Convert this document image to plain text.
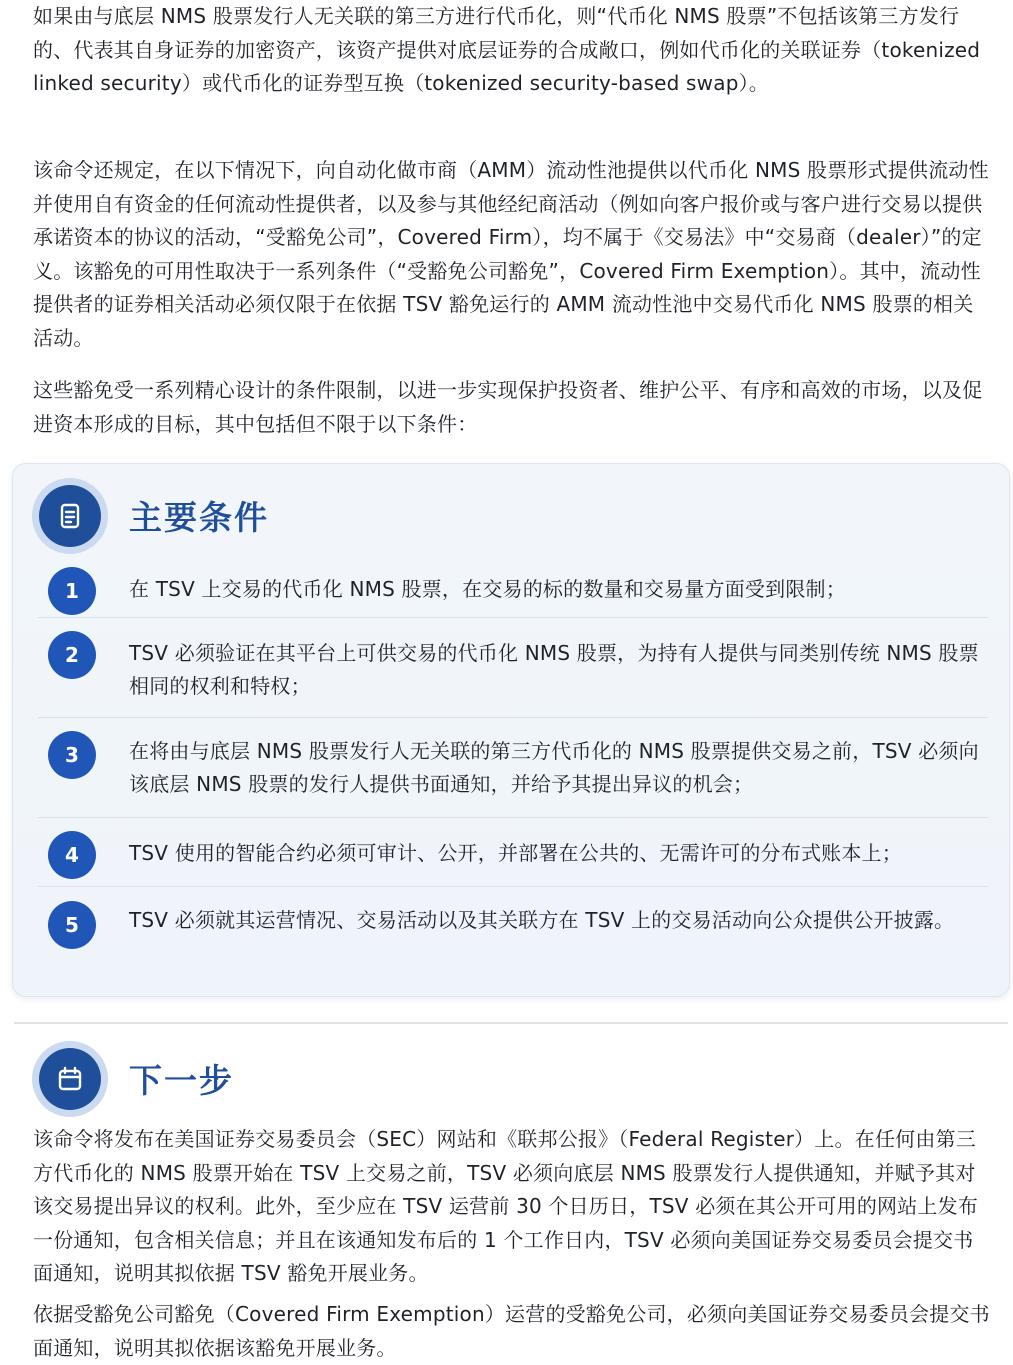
如果由与底层 NMS 股票发行人无关联的第三方进行代币化，则“代币化 NMS 股票”不包括该第三方发行的、代表其自身证券的加密资产，该资产提供对底层证券的合成敞口，例如代币化的关联证券（tokenized linked security）或代币化的证券型互换（tokenized security-based swap）。

该命令还规定，在以下情况下，向自动化做市商（AMM）流动性池提供以代币化 NMS 股票形式提供流动性并使用自有资金的任何流动性提供者，以及参与其他经纪商活动（例如向客户报价或与客户进行交易以提供承诺资本的协议的活动，“受豁免公司”，Covered Firm），均不属于《交易法》中“交易商（dealer）”的定义。该豁免的可用性取决于一系列条件（“受豁免公司豁免”，Covered Firm Exemption）。其中，流动性提供者的证券相关活动必须仅限于在依据 TSV 豁免运行的 AMM 流动性池中交易代币化 NMS 股票的相关活动。

这些豁免受一系列精心设计的条件限制，以进一步实现保护投资者、维护公平、有序和高效的市场，以及促进资本形成的目标，其中包括但不限于以下条件：

主要条件
1	在 TSV 上交易的代币化 NMS 股票，在交易的标的数量和交易量方面受到限制；

2	TSV 必须验证在其平台上可供交易的代币化 NMS 股票，为持有人提供与同类别传统 NMS 股票相同的权利和特权；

3	在将由与底层 NMS 股票发行人无关联的第三方代币化的 NMS 股票提供交易之前，TSV 必须向该底层 NMS 股票的发行人提供书面通知，并给予其提出异议的机会；

4	TSV 使用的智能合约必须可审计、公开，并部署在公共的、无需许可的分布式账本上；

5	TSV 必须就其运营情况、交易活动以及其关联方在 TSV 上的交易活动向公众提供公开披露。

下一步

该命令将发布在美国证券交易委员会（SEC）网站和《联邦公报》（Federal Register）上。在任何由第三方代币化的 NMS 股票开始在 TSV 上交易之前，TSV 必须向底层 NMS 股票发行人提供通知，并赋予其对该交易提出异议的权利。此外，至少应在 TSV 运营前 30 个日历日，TSV 必须在其公开可用的网站上发布一份通知，包含相关信息；并且在该通知发布后的 1 个工作日内，TSV 必须向美国证券交易委员会提交书面通知，说明其拟依据 TSV 豁免开展业务。

依据受豁免公司豁免（Covered Firm Exemption）运营的受豁免公司，必须向美国证券交易委员会提交书面通知，说明其拟依据该豁免开展业务。
